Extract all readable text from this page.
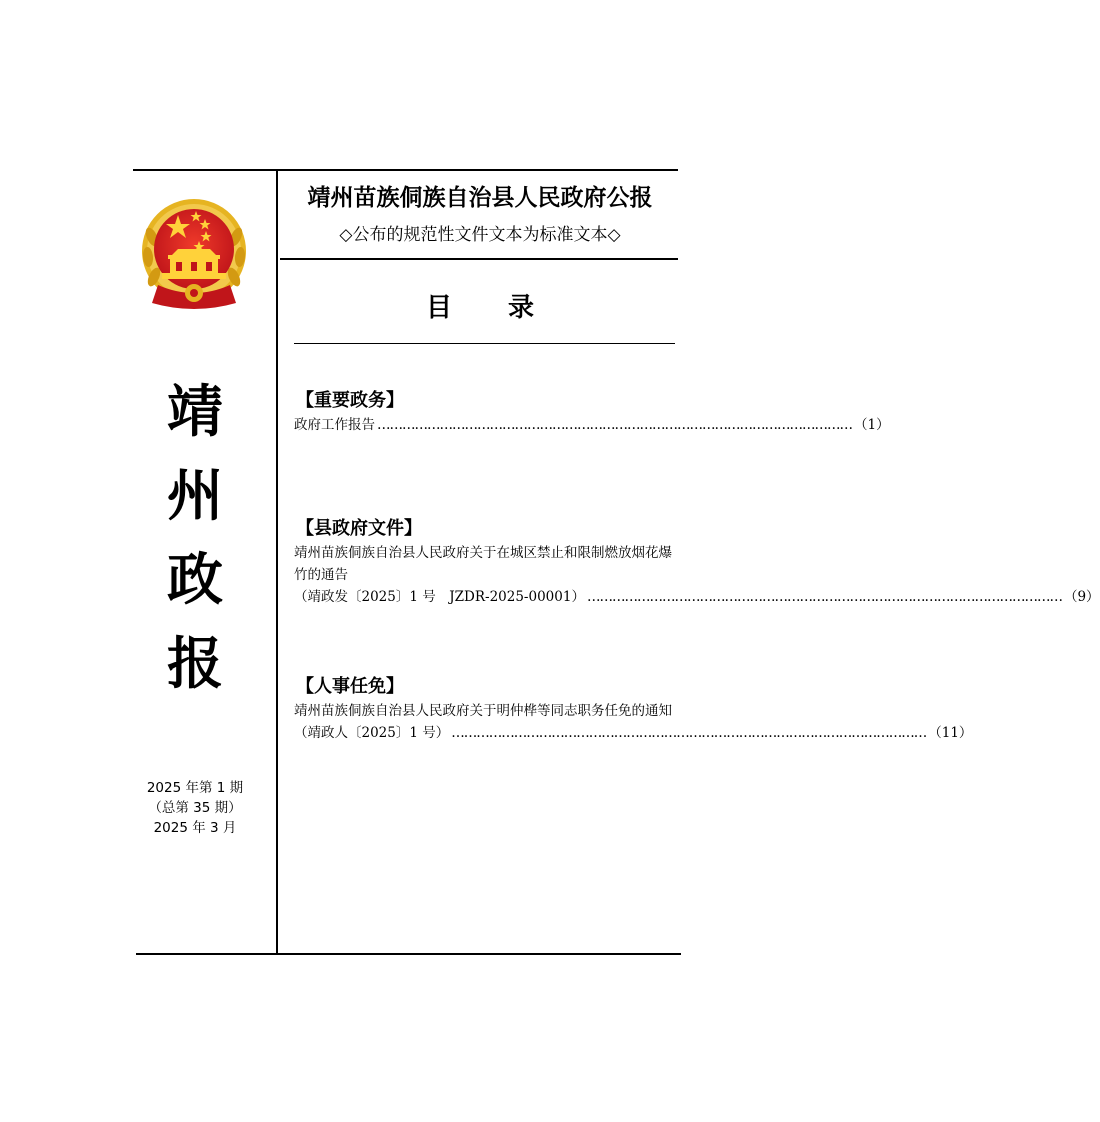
靖
州
政
报
2025 年第 1 期
（总第 35 期）
2025 年 3 月
靖州苗族侗族自治县人民政府公报
◇公布的规范性文件文本为标准文本◇
目录
【重要政务】
政府工作报告 …………………………………………………………………………………………………… （1）
【县政府文件】
靖州苗族侗族自治县人民政府关于在城区禁止和限制燃放烟花爆竹的通告
（靖政发〔2025〕1 号　JZDR-2025-00001） …………………………………………………………………………………………………… （9）
【人事任免】
靖州苗族侗族自治县人民政府关于明仲桦等同志职务任免的通知
（靖政人〔2025〕1 号） …………………………………………………………………………………………………… （11）
